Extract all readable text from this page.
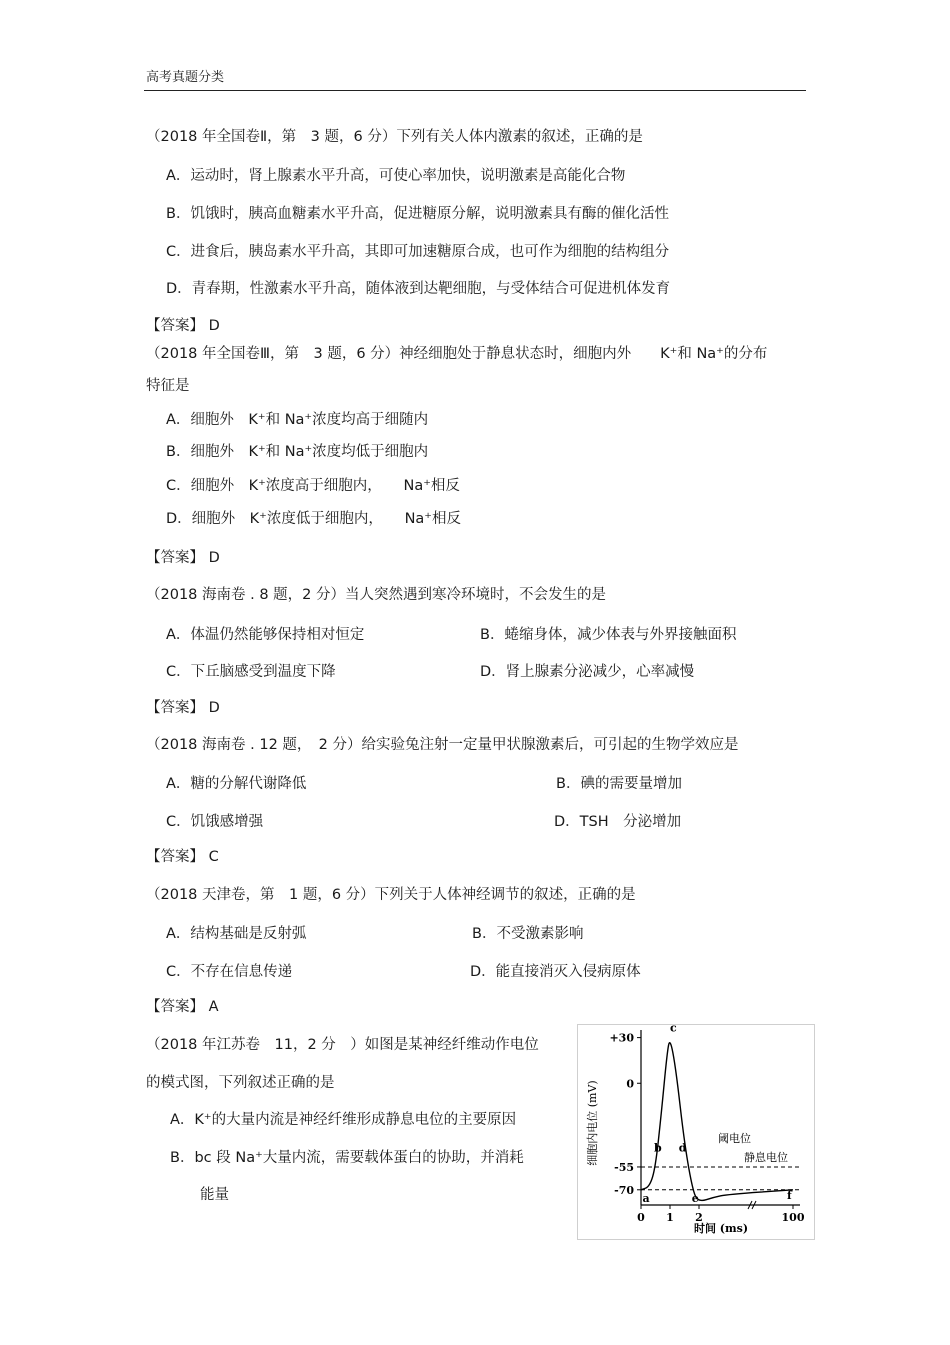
高考真题分类
（2018 年全国卷Ⅱ，第　3 题，6 分）下列有关人体内激素的叙述，正确的是
A．运动时，肾上腺素水平升高，可使心率加快，说明激素是高能化合物
B．饥饿时，胰高血糖素水平升高，促进糖原分解，说明激素具有酶的催化活性
C．进食后，胰岛素水平升高，其即可加速糖原合成，也可作为细胞的结构组分
D．青春期，性激素水平升高，随体液到达靶细胞，与受体结合可促进机体发育
【答案】 D
（2018 年全国卷Ⅲ，第　3 题，6 分）神经细胞处于静息状态时，细胞内外　　K⁺和 Na⁺的分布
特征是
A．细胞外　K⁺和 Na⁺浓度均高于细随内
B．细胞外　K⁺和 Na⁺浓度均低于细胞内
C．细胞外　K⁺浓度高于细胞内，　　Na⁺相反
D．细胞外　K⁺浓度低于细胞内，　　Na⁺相反
【答案】 D
（2018 海南卷 . 8 题，2 分）当人突然遇到寒冷环境时，不会发生的是
A．体温仍然能够保持相对恒定	B．蜷缩身体，减少体表与外界接触面积
C．下丘脑感受到温度下降	D．肾上腺素分泌减少，心率减慢
【答案】 D
（2018 海南卷 . 12 题，　2 分）给实验兔注射一定量甲状腺激素后，可引起的生物学效应是
A．糖的分解代谢降低	B．碘的需要量增加
C．饥饿感增强	D．TSH　分泌增加
【答案】 C
（2018 天津卷，第　1 题，6 分）下列关于人体神经调节的叙述，正确的是
A．结构基础是反射弧	B．不受激素影响
C．不存在信息传递	D．能直接消灭入侵病原体
【答案】 A
（2018 年江苏卷　11，2 分　）如图是某神经纤维动作电位
的模式图，下列叙述正确的是
A．K⁺的大量内流是神经纤维形成静息电位的主要原因
B．bc 段 Na⁺大量内流，需要载体蛋白的协助，并消耗
能量
细胞内电位 (mV)
时间 (ms)
阈电位
静息电位
+30
0
-55
-70
0 1 2	100
a
b
c
d
e	f
